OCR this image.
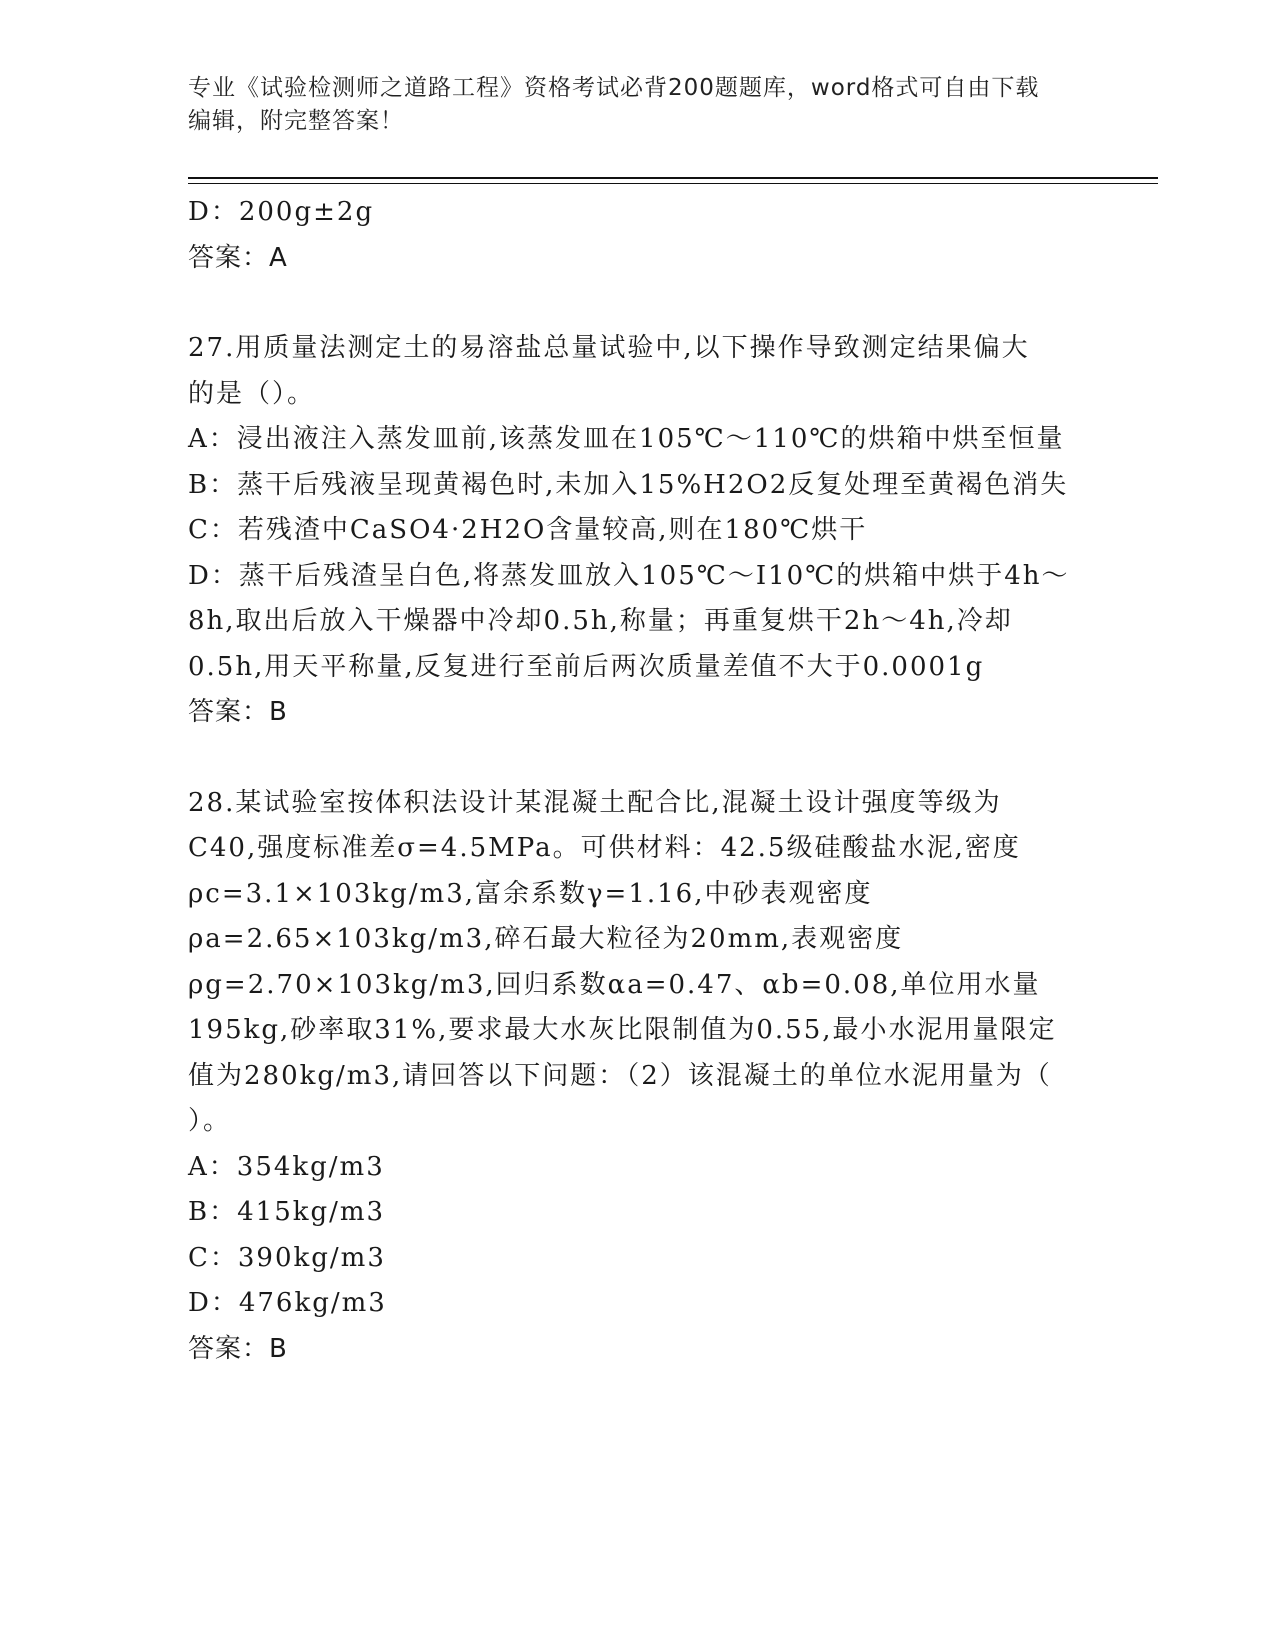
专业《试验检测师之道路工程》资格考试必背200题题库，word格式可自由下载
编辑，附完整答案！
D：200g±2g
答案：A
27.用质量法测定土的易溶盐总量试验中,以下操作导致测定结果偏大
的是（）。
A：浸出液注入蒸发皿前,该蒸发皿在105℃～110℃的烘箱中烘至恒量
B：蒸干后残液呈现黄褐色时,未加入15%H2O2反复处理至黄褐色消失
C：若残渣中CaSO4·2H2O含量较高,则在180℃烘干
D：蒸干后残渣呈白色,将蒸发皿放入105℃～I10℃的烘箱中烘于4h～
8h,取出后放入干燥器中冷却0.5h,称量；再重复烘干2h～4h,冷却
0.5h,用天平称量,反复进行至前后两次质量差值不大于0.0001g
答案：B
28.某试验室按体积法设计某混凝土配合比,混凝土设计强度等级为
C40,强度标准差σ=4.5MPa。可供材料：42.5级硅酸盐水泥,密度
ρc=3.1×103kg/m3,富余系数γ=1.16,中砂表观密度
ρa=2.65×103kg/m3,碎石最大粒径为20mm,表观密度
ρg=2.70×103kg/m3,回归系数αa=0.47、αb=0.08,单位用水量
195kg,砂率取31%,要求最大水灰比限制值为0.55,最小水泥用量限定
值为280kg/m3,请回答以下问题：（2）该混凝土的单位水泥用量为（
）。
A：354kg/m3
B：415kg/m3
C：390kg/m3
D：476kg/m3
答案：B
